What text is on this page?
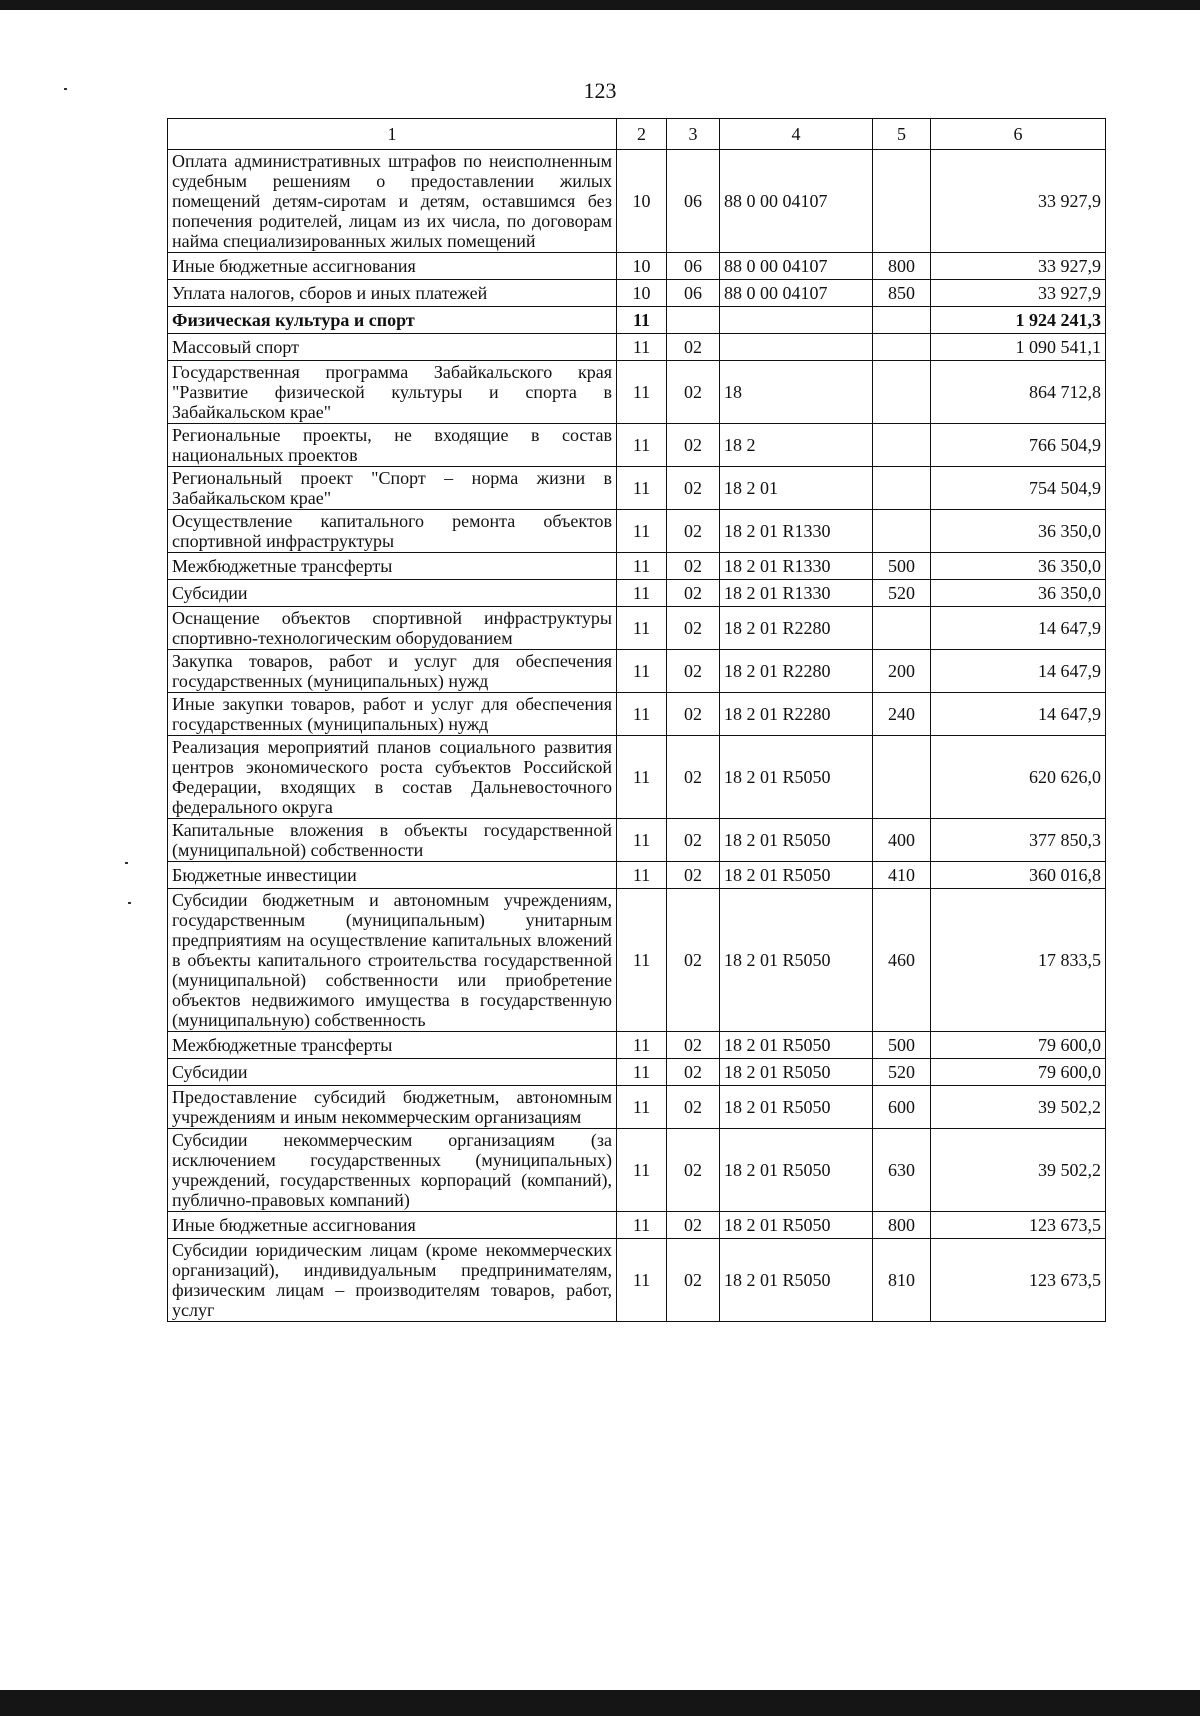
123
1	2	3	4	5	6
Оплата административных штрафов по неисполненным судебным решениям о предоставлении жилых помещений детям-сиротам и детям, оставшимся без попечения родителей, лицам из их числа, по договорам найма специализированных жилых помещений	10	06	88 0 00 04107		33 927,9
Иные бюджетные ассигнования	10	06	88 0 00 04107	800	33 927,9
Уплата налогов, сборов и иных платежей	10	06	88 0 00 04107	850	33 927,9
Физическая культура и спорт	11				1 924 241,3
Массовый спорт	11	02			1 090 541,1
Государственная программа Забайкальского края "Развитие физической культуры и спорта в Забайкальском крае"	11	02	18		864 712,8
Региональные проекты, не входящие в состав национальных проектов	11	02	18 2		766 504,9
Региональный проект "Спорт – норма жизни в Забайкальском крае"	11	02	18 2 01		754 504,9
Осуществление капитального ремонта объектов спортивной инфраструктуры	11	02	18 2 01 R1330		36 350,0
Межбюджетные трансферты	11	02	18 2 01 R1330	500	36 350,0
Субсидии	11	02	18 2 01 R1330	520	36 350,0
Оснащение объектов спортивной инфраструктуры спортивно-технологическим оборудованием	11	02	18 2 01 R2280		14 647,9
Закупка товаров, работ и услуг для обеспечения государственных (муниципальных) нужд	11	02	18 2 01 R2280	200	14 647,9
Иные закупки товаров, работ и услуг для обеспечения государственных (муниципальных) нужд	11	02	18 2 01 R2280	240	14 647,9
Реализация мероприятий планов социального развития центров экономического роста субъектов Российской Федерации, входящих в состав Дальневосточного федерального округа	11	02	18 2 01 R5050		620 626,0
Капитальные вложения в объекты государственной (муниципальной) собственности	11	02	18 2 01 R5050	400	377 850,3
Бюджетные инвестиции	11	02	18 2 01 R5050	410	360 016,8
Субсидии бюджетным и автономным учреждениям, государственным (муниципальным) унитарным предприятиям на осуществление капитальных вложений в объекты капитального строительства государственной (муниципальной) собственности или приобретение объектов недвижимого имущества в государственную (муниципальную) собственность	11	02	18 2 01 R5050	460	17 833,5
Межбюджетные трансферты	11	02	18 2 01 R5050	500	79 600,0
Субсидии	11	02	18 2 01 R5050	520	79 600,0
Предоставление субсидий бюджетным, автономным учреждениям и иным некоммерческим организациям	11	02	18 2 01 R5050	600	39 502,2
Субсидии некоммерческим организациям (за исключением государственных (муниципальных) учреждений, государственных корпораций (компаний), публично-правовых компаний)	11	02	18 2 01 R5050	630	39 502,2
Иные бюджетные ассигнования	11	02	18 2 01 R5050	800	123 673,5
Субсидии юридическим лицам (кроме некоммерческих организаций), индивидуальным предпринимателям, физическим лицам – производителям товаров, работ, услуг	11	02	18 2 01 R5050	810	123 673,5
